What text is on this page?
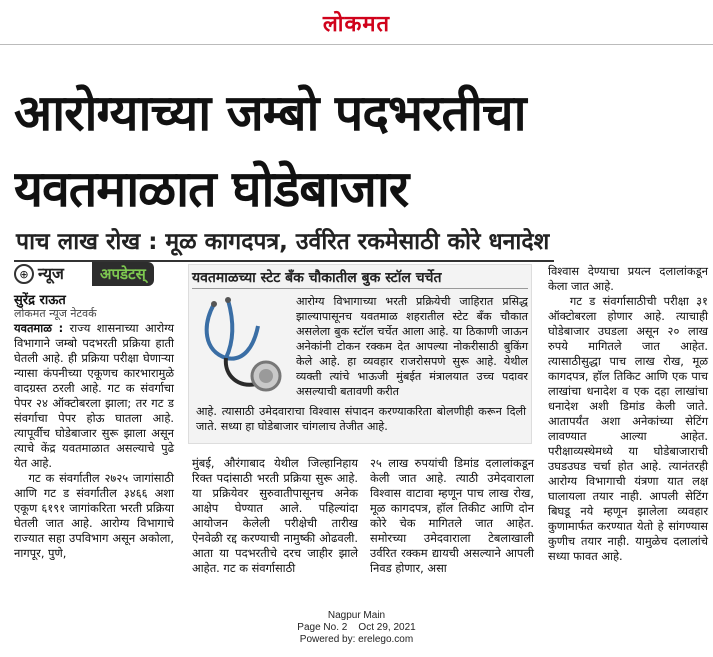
लोकमत
आरोग्याच्या जम्बो पदभरतीचा
यवतमाळात घोडेबाजार
पाच लाख रोख : मूळ कागदपत्र, उर्वरित रकमेसाठी कोरे धनादेश
⊕ न्यूज	अपडेटस्
सुरेंद्र राऊत
लोकमत न्यूज नेटवर्क
यवतमाळ : राज्य शासनाच्या आरोग्य विभागाने जम्बो पदभरती प्रक्रिया हाती घेतली आहे. ही प्रक्रिया परीक्षा घेणाऱ्या न्यासा कंपनीच्या एकूणच कारभारामुळे वादग्रस्त ठरली आहे. गट क संवर्गाचा पेपर २४ ऑक्टोबरला झाला; तर गट ड संवर्गाचा पेपर होऊ घातला आहे. त्यापूर्वीच घोडेबाजार सुरू झाला असून त्याचे केंद्र यवतमाळात असल्याचे पुढे येत आहे.
गट क संवर्गातील २७२५ जागांसाठी आणि गट ड संवर्गातील ३४६६ अशा एकूण ६१९१ जागांकरिता भरती प्रक्रिया घेतली जात आहे. आरोग्य विभागाचे राज्यात सहा उपविभाग असून अकोला, नागपूर, पुणे,
यवतमाळच्या स्टेट बँक चौकातील बुक स्टॉल चर्चेत
आरोग्य विभागाच्या भरती प्रक्रियेची जाहिरात प्रसिद्ध झाल्यापासूनच यवतमाळ शहरातील स्टेट बँक चौकात असलेला बुक स्टॉल चर्चेत आला आहे. या ठिकाणी जाऊन अनेकांनी टोकन रक्कम देत आपल्या नोकरीसाठी बुकिंग केले आहे. हा व्यवहार राजरोसपणे सुरू आहे. येथील व्यक्ती त्यांचे भाऊजी मुंबईत मंत्रालयात उच्च पदावर असल्याची बतावणी करीत
आहे. त्यासाठी उमेदवाराचा विश्वास संपादन करण्याकरिता बोलणीही करून दिली जाते. सध्या हा घोडेबाजार चांगलाच तेजीत आहे.
मुंबई, औरंगाबाद येथील जिल्हानिहाय रिक्त पदांसाठी भरती प्रक्रिया सुरू आहे. या प्रक्रियेवर सुरुवातीपासूनच अनेक आक्षेप घेण्यात आले. पहिल्यांदा आयोजन केलेली परीक्षेची तारीख ऐनवेळी रद्द करण्याची नामुष्की ओढवली. आता या पदभरतीचे दरच जाहीर झाले आहेत. गट क संवर्गासाठी
२५ लाख रुपयांची डिमांड दलालांकडून केली जात आहे. त्याठी उमेदवाराला विश्वास वाटावा म्हणून पाच लाख रोख, मूळ कागदपत्र, हॉल तिकीट आणि दोन कोरे चेक मागितले जात आहेत. समोरच्या उमेदवाराला टेबलाखाली उर्वरित रक्कम द्यायची असल्याने आपली निवड होणार, असा
विश्वास देण्याचा प्रयत्न दलालांकडून केला जात आहे.
गट ड संवर्गासाठीची परीक्षा ३१ ऑक्टोबरला होणार आहे. त्याचाही घोडेबाजार उघडला असून २० लाख रुपये मागितले जात आहेत. त्यासाठीसुद्धा पाच लाख रोख, मूळ कागदपत्र, हॉल तिकिट आणि एक पाच लाखांचा धनादेश व एक दहा लाखांचा धनादेश अशी डिमांड केली जाते. आतापर्यंत अशा अनेकांच्या सेटिंग लावण्यात आल्या आहेत. परीक्षाव्यस्थेमध्ये या घोडेबाजाराची उघडउघड चर्चा होत आहे. त्यानंतरही आरोग्य विभागाची यंत्रणा यात लक्ष घालायला तयार नाही. आपली सेटिंग बिघडू नये म्हणून झालेला व्यवहार कुणामार्फत करण्यात येतो हे सांगण्यास कुणीच तयार नाही. यामुळेच दलालांचे सध्या फावत आहे.
Nagpur Main
Page No. 2    Oct 29, 2021
Powered by: erelego.com
